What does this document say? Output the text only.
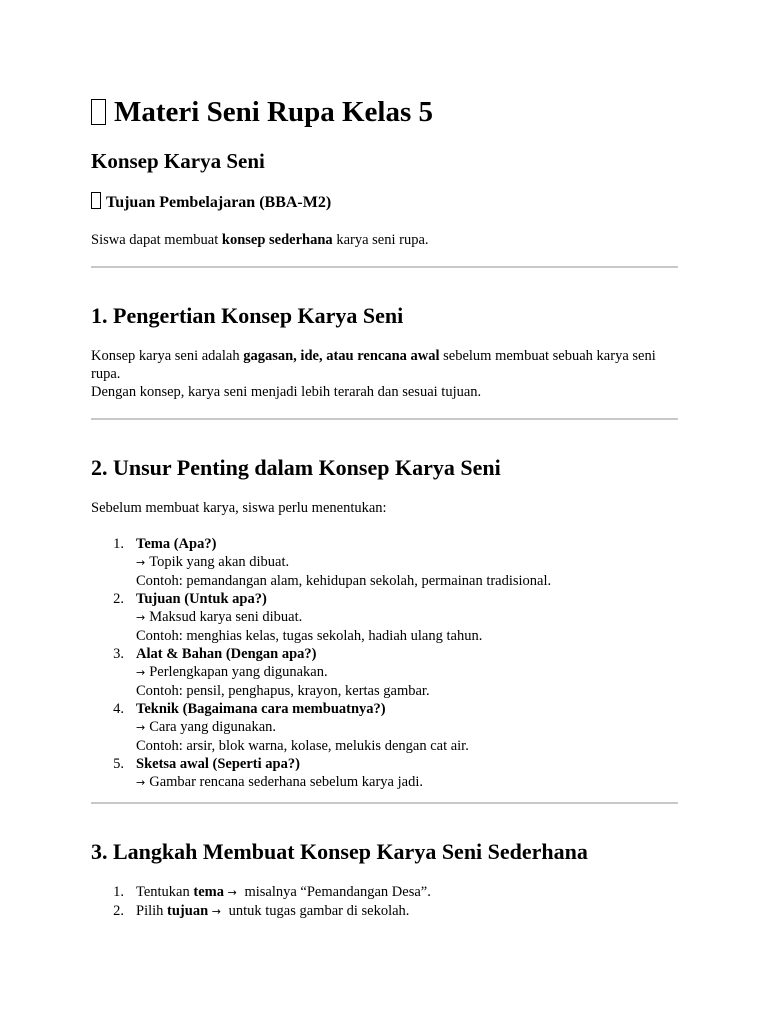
Materi Seni Rupa Kelas 5
Konsep Karya Seni
Tujuan Pembelajaran (BBA-M2)

Siswa dapat membuat konsep sederhana karya seni rupa.

1. Pengertian Konsep Karya Seni

Konsep karya seni adalah gagasan, ide, atau rencana awal sebelum membuat sebuah karya seni rupa.

Dengan konsep, karya seni menjadi lebih terarah dan sesuai tujuan.

2. Unsur Penting dalam Konsep Karya Seni

Sebelum membuat karya, siswa perlu menentukan:

1. Tema (Apa?)
→ Topik yang akan dibuat.
Contoh: pemandangan alam, kehidupan sekolah, permainan tradisional.
2. Tujuan (Untuk apa?)
→ Maksud karya seni dibuat.
Contoh: menghias kelas, tugas sekolah, hadiah ulang tahun.
3. Alat & Bahan (Dengan apa?)
→ Perlengkapan yang digunakan.
Contoh: pensil, penghapus, krayon, kertas gambar.
4. Teknik (Bagaimana cara membuatnya?)
→ Cara yang digunakan.
Contoh: arsir, blok warna, kolase, melukis dengan cat air.
5. Sketsa awal (Seperti apa?)
→ Gambar rencana sederhana sebelum karya jadi.
3. Langkah Membuat Konsep Karya Seni Sederhana
1. Tentukan tema → misalnya “Pemandangan Desa”.
2. Pilih tujuan → untuk tugas gambar di sekolah.
